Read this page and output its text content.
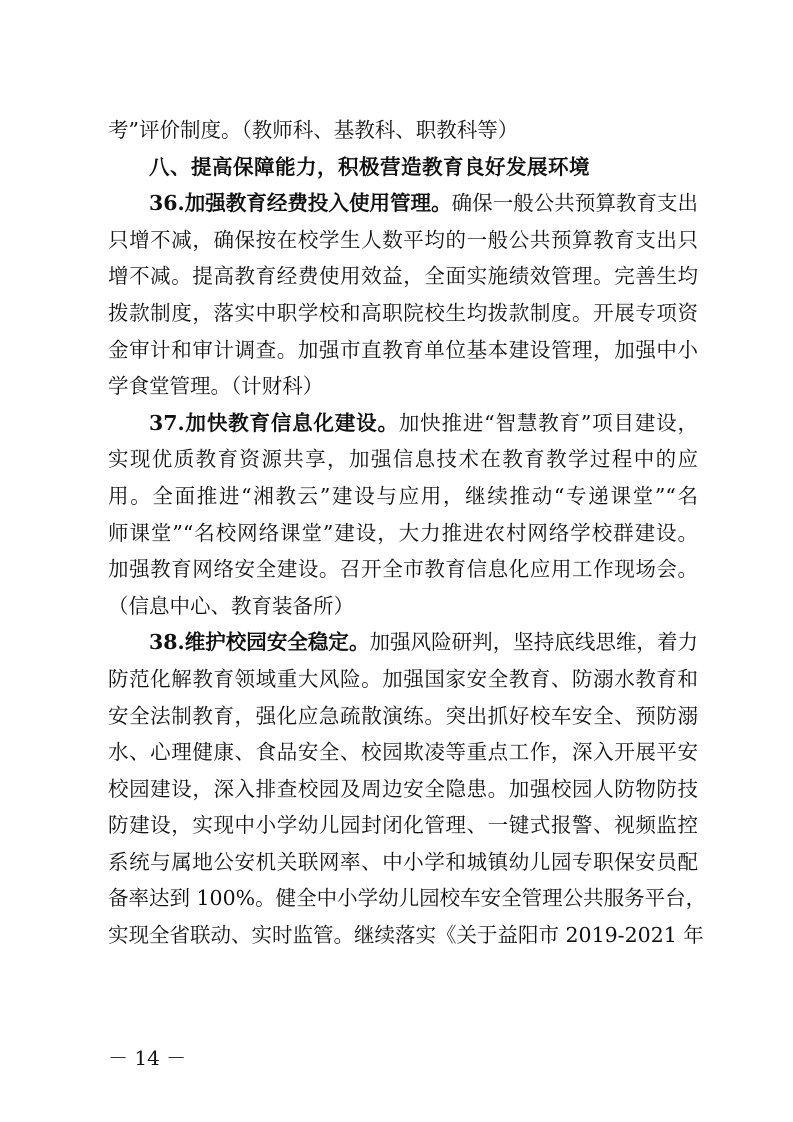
考”评价制度。（教师科、基教科、职教科等）
八、提高保障能力，积极营造教育良好发展环境
36.加强教育经费投入使用管理。确保一般公共预算教育支出
只增不减，确保按在校学生人数平均的一般公共预算教育支出只
增不减。提高教育经费使用效益，全面实施绩效管理。完善生均
拨款制度，落实中职学校和高职院校生均拨款制度。开展专项资
金审计和审计调查。加强市直教育单位基本建设管理，加强中小
学食堂管理。（计财科）
37.加快教育信息化建设。加快推进“智慧教育”项目建设，
实现优质教育资源共享，加强信息技术在教育教学过程中的应
用。全面推进“湘教云”建设与应用，继续推动“专递课堂”“名
师课堂”“名校网络课堂”建设，大力推进农村网络学校群建设。
加强教育网络安全建设。召开全市教育信息化应用工作现场会。
（信息中心、教育装备所）
38.维护校园安全稳定。加强风险研判，坚持底线思维，着力
防范化解教育领域重大风险。加强国家安全教育、防溺水教育和
安全法制教育，强化应急疏散演练。突出抓好校车安全、预防溺
水、心理健康、食品安全、校园欺凌等重点工作，深入开展平安
校园建设，深入排查校园及周边安全隐患。加强校园人防物防技
防建设，实现中小学幼儿园封闭化管理、一键式报警、视频监控
系统与属地公安机关联网率、中小学和城镇幼儿园专职保安员配
备率达到 100%。健全中小学幼儿园校车安全管理公共服务平台，
实现全省联动、实时监管。继续落实《关于益阳市 2019-2021 年
－ 14 －
